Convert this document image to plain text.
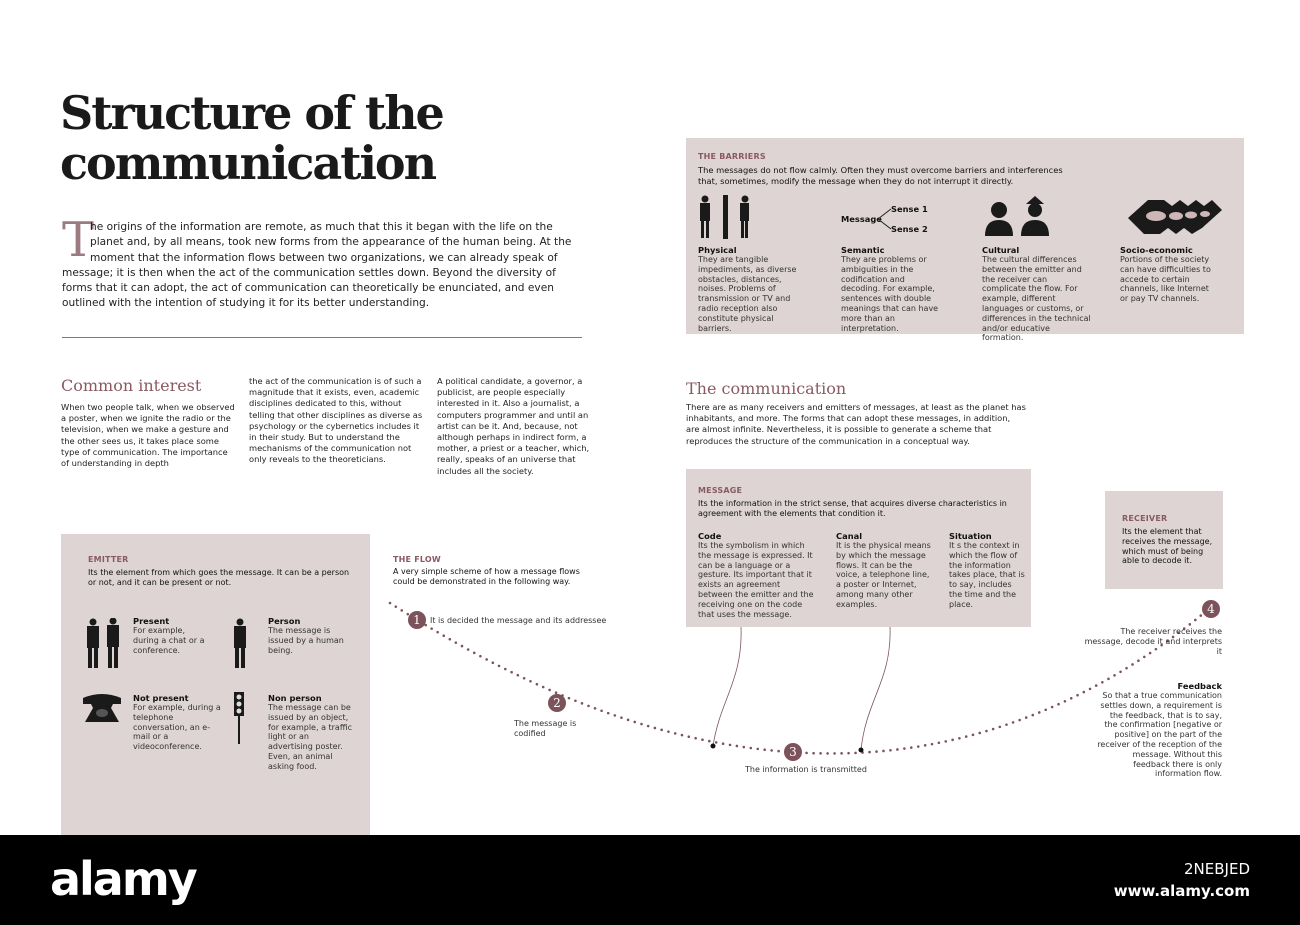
Structure of the communication
T
he origins of the information are remote, as much that this it began with the life on the planet and, by all means, took new forms from the appearance of the human being. At the moment that the information flows between two organizations, we can already speak of message; it is then when the act of the communication settles down. Beyond the diversity of forms that it can adopt, the act of communication can theoretically be enunciated, and even outlined with the intention of studying it for its better understanding.
Common interest
When two people talk, when we observed a poster, when we ignite the radio or the television, when we make a gesture and the other sees us, it takes place some type of communication. The importance of understanding in depth
the act of the communication is of such a magnitude that it exists, even, academic disciplines dedicated to this, without telling that other disciplines as diverse as psychology or the cybernetics includes it in their study. But to understand the mechanisms of the communication not only reveals to the theoreticians.
A political candidate, a governor, a publicist, are people especially interested in it. Also a journalist, a computers programmer and until an artist can be it. And, because, not although perhaps in indirect form, a mother, a priest or a teacher, which, really, speaks of an universe that includes all the society.
THE BARRIERS
The messages do not flow calmly. Often they must overcome barriers and interferences that, sometimes, modify the message when they do not interrupt it directly.
Message
Sense 1
Sense 2
Physical
They are tangible impediments, as diverse obstacles, distances, noises. Problems of transmission or TV and radio reception also constitute physical barriers.
Semantic
They are problems or ambiguities in the codification and decoding. For example, sentences with double meanings that can have more than an interpretation.
Cultural
The cultural differences between the emitter and the receiver can complicate the flow. For example, different languages or customs, or differences in the technical and/or educative formation.
Socio-economic
Portions of the society can have difficulties to accede to certain channels, like Internet or pay TV channels.
The communication
There are as many receivers and emitters of messages, at least as the planet has inhabitants, and more. The forms that can adopt these messages, in addition, are almost infinite. Nevertheless, it is possible to generate a scheme that reproduces the structure of the communication in a conceptual way.
MESSAGE
Its the information in the strict sense, that acquires diverse characteristics in agreement with the elements that condition it.
Code
Its the symbolism in which the message is expressed. It can be a language or a gesture. Its important that it exists an agreement between the emitter and the receiving one on the code that uses the message.
Canal
It is the physical means by which the message flows. It can be the voice, a telephone line, a poster or Internet, among many other examples.
Situation
It s the context in which the flow of the information takes place, that is to say, includes the time and the place.
EMITTER
Its the element from which goes the message. It can be a person or not, and it can be present or not.
Present
For example, during a chat or a conference.
Person
The message is issued by a human being.
Not present
For example, during a telephone conversation, an e-mail or a videoconference.
Non person
The message can be issued by an object, for example, a traffic light or an advertising poster. Even, an animal asking food.
THE FLOW
A very simple scheme of how a message flows could be demonstrated in the following way.
1	It is decided the message and its addressee
2
The message is codified
3
The information is transmitted
4
The receiver receives the message, decode it and interprets it
RECEIVER
Its the element that receives the message, which must of being able to decode it.
Feedback
So that a true communication settles down, a requirement is the feedback, that is to say, the confirmation [negative or positive] on the part of the receiver of the reception of the message. Without this feedback there is only information flow.
alamy	2NEBJED
www.alamy.com
